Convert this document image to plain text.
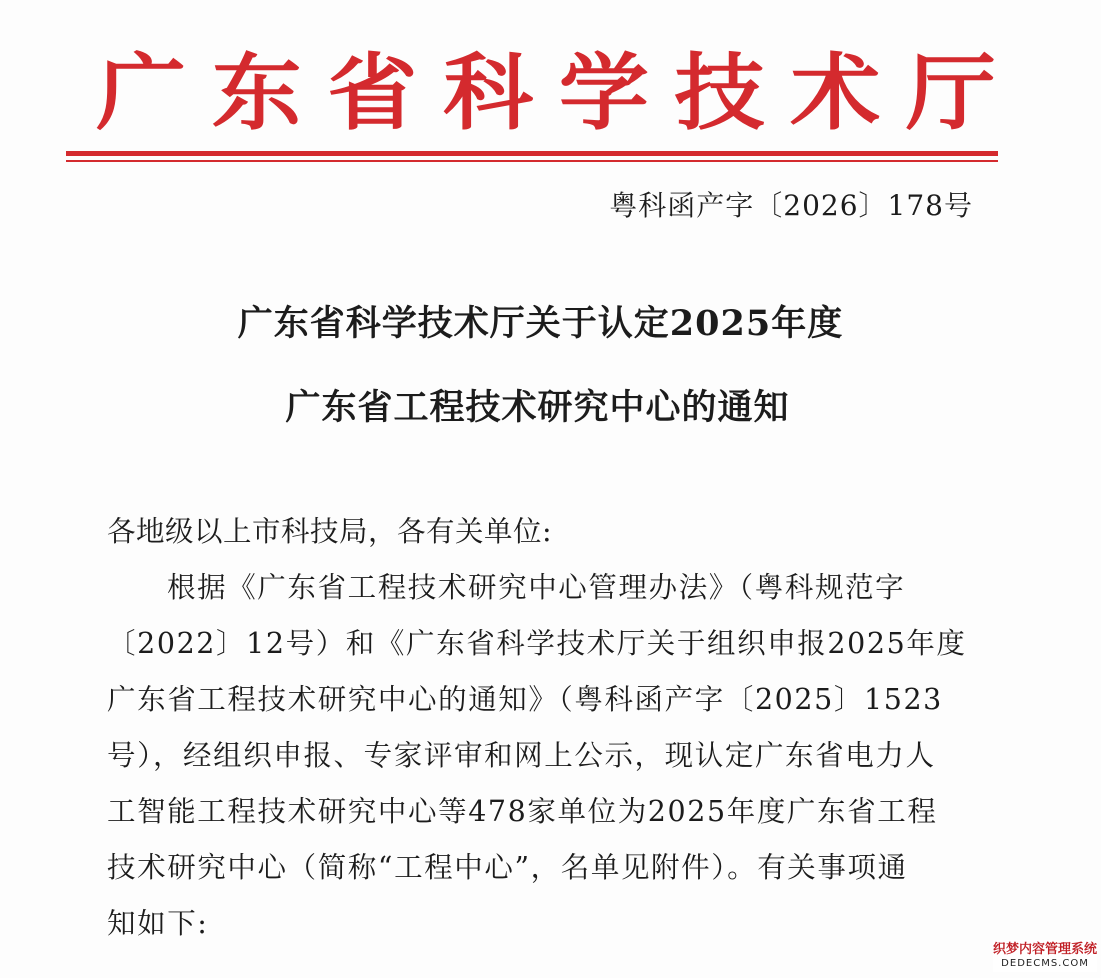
广 东 省 科 学 技 术 厅
粤科函产字〔2026〕178号
广东省科学技术厅关于认定2025年度
广东省工程技术研究中心的通知
各地级以上市科技局，各有关单位:
根据《广东省工程技术研究中心管理办法》（粤科规范字
〔2022〕12号）和《广东省科学技术厅关于组织申报2025年度
广东省工程技术研究中心的通知》（粤科函产字〔2025〕1523
号），经组织申报、专家评审和网上公示，现认定广东省电力人
工智能工程技术研究中心等478家单位为2025年度广东省工程
技术研究中心（简称“工程中心”，名单见附件）。有关事项通
知如下:
织梦内容管理系统
DEDECMS.COM
